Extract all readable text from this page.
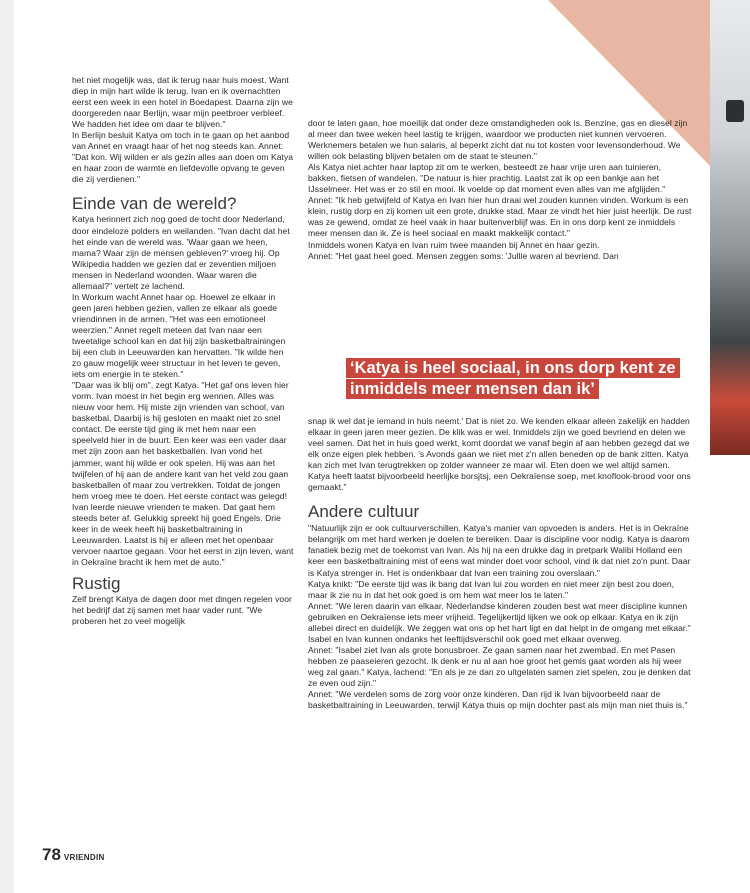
het niet mogelijk was, dat ik terug naar huis moest. Want diep in mijn hart wilde ik terug. Ivan en ik overnachtten eerst een week in een hotel in Boedapest. Daarna zijn we doorgereden naar Berlijn, waar mijn peetbroer verbleef. We hadden het idee om daar te blijven."

In Berlijn besluit Katya om toch in te gaan op het aanbod van Annet en vraagt haar of het nog steeds kan. Annet: "Dat kon. Wij wilden er als gezin alles aan doen om Katya en haar zoon de warmte en liefdevolle opvang te geven die zij verdienen."

Einde van de wereld?

Katya herinnert zich nog goed de tocht door Nederland, door eindeloze polders en weilanden. "Ivan dacht dat het het einde van de wereld was. 'Waar gaan we heen, mama? Waar zijn de mensen gebleven?' vroeg hij. Op Wikipedia hadden we gezien dat er zeventien miljoen mensen in Nederland woonden. Waar waren die allemaal?" vertelt ze lachend.

In Workum wacht Annet haar op. Hoewel ze elkaar in geen jaren hebben gezien, vallen ze elkaar als goede vriendinnen in de armen. "Het was een emotioneel weerzien." Annet regelt meteen dat Ivan naar een tweetalige school kan en dat hij zijn basketbaltrainingen bij een club in Leeuwarden kan hervatten. "Ik wilde hen zo gauw mogelijk weer structuur in het leven te geven, iets om energie in te steken."

"Daar was ik blij om", zegt Katya. "Het gaf ons leven hier vorm. Ivan moest in het begin erg wennen. Alles was nieuw voor hem. Hij miste zijn vrienden van school, van basketbal. Daarbij is hij gesloten en maakt niet zo snel contact. De eerste tijd ging ik met hem naar een speelveld hier in de buurt. Een keer was een vader daar met zijn zoon aan het basketballen. Ivan vond het jammer, want hij wilde er ook spelen. Hij was aan het twijfelen of hij aan de andere kant van het veld zou gaan basketballen of maar zou vertrekken. Totdat de jongen hem vroeg mee te doen. Het eerste contact was gelegd! Ivan leerde nieuwe vrienden te maken. Dat gaat hem steeds beter af. Gelukkig spreekt hij goed Engels. Drie keer in de week heeft hij basketbaltraining in Leeuwarden. Laatst is hij er alleen met het openbaar vervoer naartoe gegaan. Voor het eerst in zijn leven, want in Oekraïne bracht ik hem met de auto."

Rustig

Zelf brengt Katya de dagen door met dingen regelen voor het bedrijf dat zij samen met haar vader runt. "We proberen het zo veel mogelijk

door te laten gaan, hoe moeilijk dat onder deze omstandigheden ook is. Benzine, gas en diesel zijn al meer dan twee weken heel lastig te krijgen, waardoor we producten niet kunnen vervoeren. Werknemers betalen we hun salaris, al beperkt zicht dat nu tot kosten voor levensonderhoud. We willen ook belasting blijven betalen om de staat te steunen."

Als Katya niet achter haar laptop zit om te werken, besteedt ze haar vrije uren aan tuinieren, bakken, fietsen of wandelen. "De natuur is hier prachtig. Laatst zat ik op een bankje aan het IJsselmeer. Het was er zo stil en mooi. Ik voelde op dat moment even alles van me afglijden."

Annet: "Ik heb getwijfeld of Katya en Ivan hier hun draai wel zouden kunnen vinden. Workum is een klein, rustig dorp en zij komen uit een grote, drukke stad. Maar ze vindt het hier juist heerlijk. De rust was ze gewend, omdat ze heel vaak in haar buitenverblijf was. En in ons dorp kent ze inmiddels meer mensen dan ik. Ze is heel sociaal en maakt makkelijk contact."

Inmiddels wonen Katya en Ivan ruim twee maanden bij Annet en haar gezin.

Annet: "Het gaat heel goed. Mensen zeggen soms: 'Jullie waren al bevriend. Dan

‘Katya is heel sociaal, in ons dorp kent ze inmiddels meer mensen dan ik’

snap ik wel dat je iemand in huis neemt.' Dat is niet zo. We kenden elkaar alleen zakelijk en hadden elkaar in geen jaren meer gezien. De klik was er wel. Inmiddels zijn we goed bevriend en delen we veel samen. Dat het in huis goed werkt, komt doordat we vanaf begin af aan hebben gezegd dat we elk onze eigen plek hebben. 's Avonds gaan we niet met z'n allen beneden op de bank zitten. Katya kan zich met Ivan terugtrekken op zolder wanneer ze maar wil. Eten doen we wel altijd samen. Katya heeft laatst bijvoorbeeld heerlijke borsjtsj, een Oekraïense soep, met knoflook-brood voor ons gemaakt."

Andere cultuur

"Natuurlijk zijn er ook cultuurverschillen. Katya's manier van opvoeden is anders. Het is in Oekraïne belangrijk om met hard werken je doelen te bereiken. Daar is discipline voor nodig. Katya is daarom fanatiek bezig met de toekomst van Ivan. Als hij na een drukke dag in pretpark Walibi Holland een keer een basketbaltraining mist of eens wat minder doet voor school, vind ik dat niet zo'n punt. Daar is Katya strenger in. Het is ondenkbaar dat Ivan een training zou overslaan."

Katya knikt: "De eerste tijd was ik bang dat Ivan lui zou worden en niet meer zijn best zou doen, maar ik zie nu in dat het ook goed is om hem wat meer los te laten."

Annet: "We leren daarin van elkaar. Nederlandse kinderen zouden best wat meer discipline kunnen gebruiken en Oekraïense iets meer vrijheid. Tegelijkertijd lijken we ook op elkaar. Katya en ik zijn allebei direct en duidelijk. We zeggen wat ons op het hart ligt en dat helpt in de omgang met elkaar."

Isabel en Ivan kunnen ondanks het leeftijdsverschil ook goed met elkaar overweg.

Annet: "Isabel ziet Ivan als grote bonusbroer. Ze gaan samen naar het zwembad. En met Pasen hebben ze paaseieren gezocht. Ik denk er nu al aan hoe groot het gemis gaat worden als hij weer weg zal gaan." Katya, lachend: "En als je ze dan zo uitgelaten samen ziet spelen, zou je denken dat ze even oud zijn."

Annet: "We verdelen soms de zorg voor onze kinderen. Dan rijd ik Ivan bijvoorbeeld naar de basketbaltraining in Leeuwarden, terwijl Katya thuis op mijn dochter past als mijn man niet thuis is."

78 VRIENDIN
